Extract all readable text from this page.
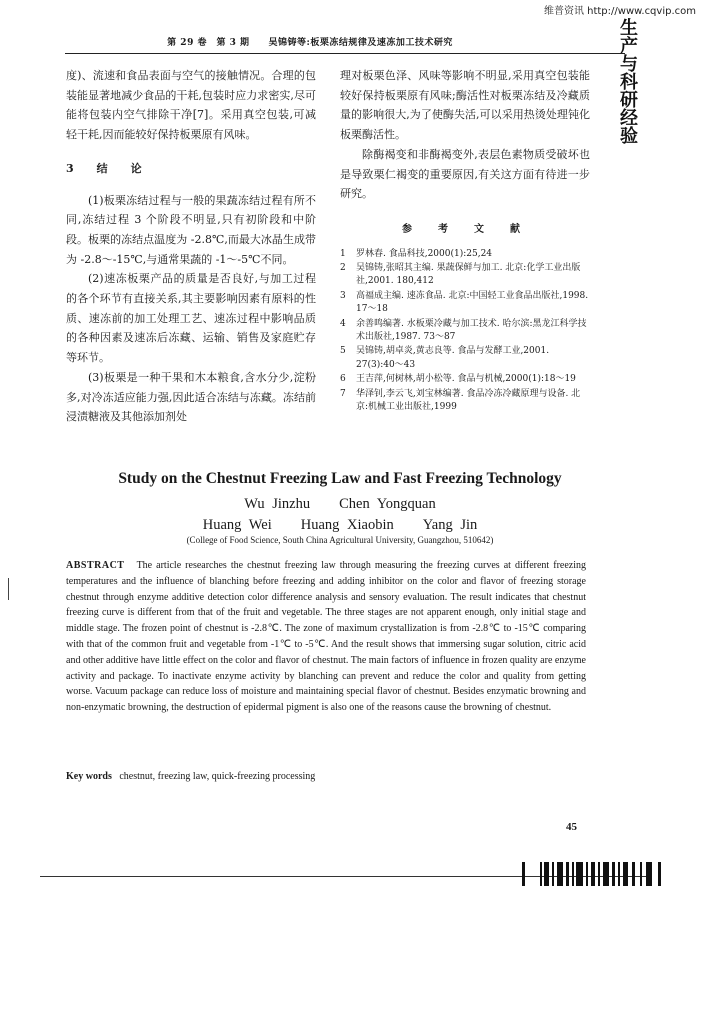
维普资讯 http://www.cqvip.com
生产与科研经验
第 29 卷　第 3 期　　吴锦铸等:板栗冻结规律及速冻加工技术研究

度)、流速和食品表面与空气的接触情况。合理的包装能显著地减少食品的干耗,包装时应力求密实,尽可能将包装内空气排除干净[7]。采用真空包装,可减轻干耗,因而能较好保持板栗原有风味。

3　结　论

(1)板栗冻结过程与一般的果蔬冻结过程有所不同,冻结过程 3 个阶段不明显,只有初阶段和中阶段。板栗的冻结点温度为 -2.8℃,而最大冰晶生成带为 -2.8～-15℃,与通常果蔬的 -1～-5℃不同。

(2)速冻板栗产品的质量是否良好,与加工过程的各个环节有直接关系,其主要影响因素有原料的性质、速冻前的加工处理工艺、速冻过程中影响品质的各种因素及速冻后冻藏、运输、销售及家庭贮存等环节。

(3)板栗是一种干果和木本粮食,含水分少,淀粉多,对冷冻适应能力强,因此适合冻结与冻藏。冻结前浸渍糖液及其他添加剂处

理对板栗色泽、风味等影响不明显,采用真空包装能较好保持板栗原有风味;酶活性对板栗冻结及冷藏质量的影响很大,为了使酶失活,可以采用热烫处理钝化板栗酶活性。

除酶褐变和非酶褐变外,表层色素物质受破坏也是导致栗仁褐变的重要原因,有关这方面有待进一步研究。

参　考　文　献

1	罗林春. 食品科技,2000(1):25,24
2	吴锦铸,张昭其主编. 果蔬保鲜与加工. 北京:化学工业出版社,2001. 180,412
3	高福成主编. 速冻食品. 北京:中国轻工业食品出版社,1998. 17～18
4	余善鸣编著. 水板栗冷藏与加工技术. 哈尔滨:黑龙江科学技术出版社,1987. 73～87
5	吴锦铸,胡卓炎,黄志良等. 食品与发酵工业,2001. 27(3):40～43
6	王吉萍,何树林,胡小松等. 食品与机械,2000(1):18～19
7	华泽钊,李云飞,刘宝林编著. 食品冷冻冷藏原理与设备. 北京:机械工业出版社,1999
Study on the Chestnut Freezing Law and Fast Freezing Technology
Wu Jinzhu　　Chen Yongquan
Huang Wei　　Huang Xiaobin　　Yang Jin
(College of Food Science, South China Agricultural University, Guangzhou, 510642)

ABSTRACT The article researches the chestnut freezing law through measuring the freezing curves at different freezing temperatures and the influence of blanching before freezing and adding inhibitor on the color and flavor of freezing storage chestnut through enzyme additive detection color difference analysis and sensory evaluation. The result indicates that chestnut freezing curve is different from that of the fruit and vegetable. The three stages are not apparent enough, only initial stage and middle stage. The frozen point of chestnut is -2.8℃. The zone of maximum crystallization is from -2.8℃ to -15℃ comparing with that of the common fruit and vegetable from -1℃ to -5℃. And the result shows that immersing sugar solution, citric acid and other additive have little effect on the color and flavor of chestnut. The main factors of influence in frozen quality are enzyme activity and package. To inactivate enzyme activity by blanching can prevent and reduce the color and quality from getting worse. Vacuum package can reduce loss of moisture and maintaining special flavor of chestnut. Besides enzymatic browning and non-enzymatic browning, the destruction of epidermal pigment is also one of the reasons cause the browning of chestnut.

Key words chestnut, freezing law, quick-freezing processing
45
